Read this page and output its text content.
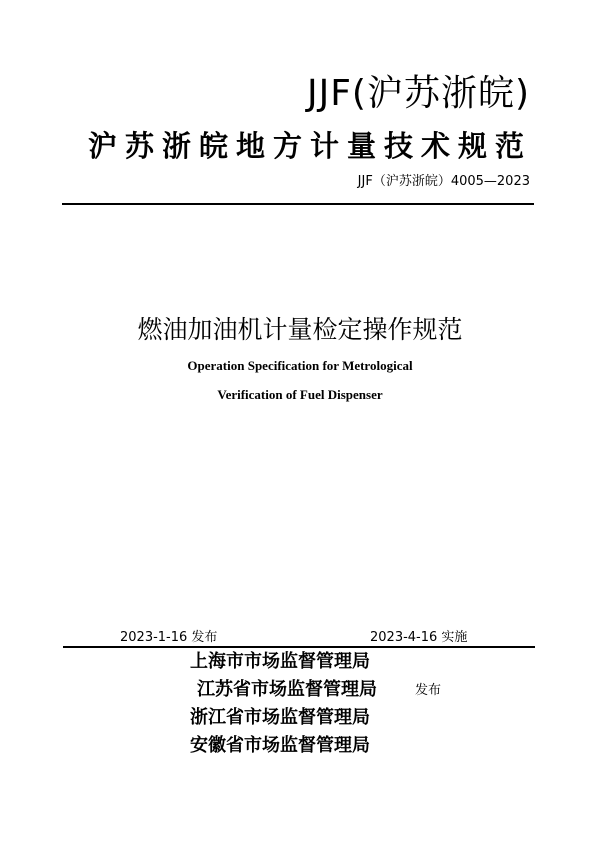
JJF(沪苏浙皖)
沪苏浙皖地方计量技术规范
JJF（沪苏浙皖）4005—2023
燃油加油机计量检定操作规范
Operation Specification for Metrological
Verification of Fuel Dispenser
2023-1-16 发布	2023-4-16 实施
上海市市场监督管理局
江苏省市场监督管理局	发布
浙江省市场监督管理局
安徽省市场监督管理局
